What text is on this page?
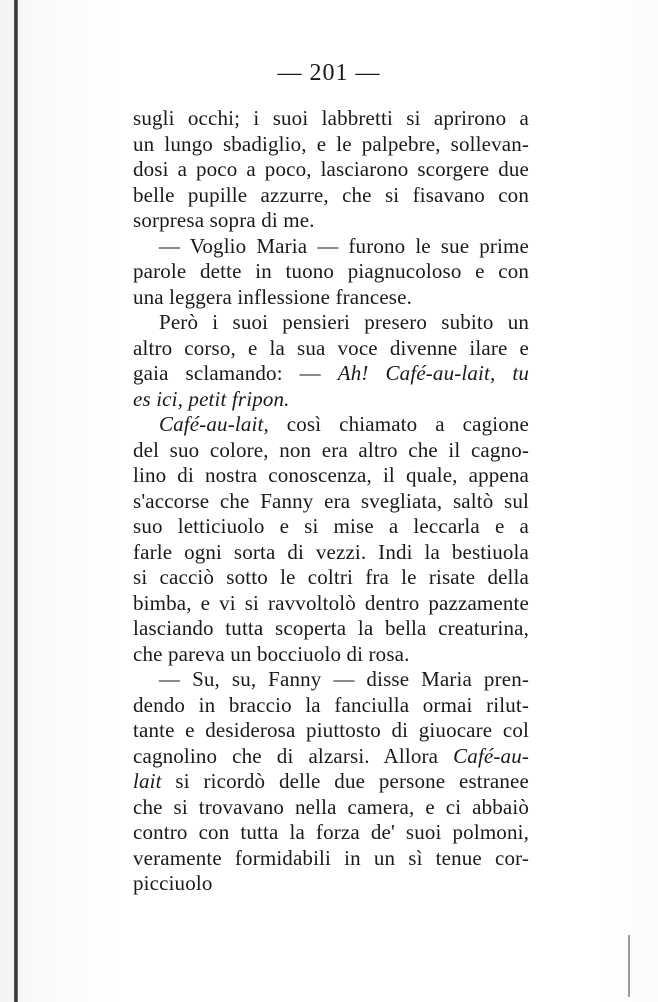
— 201 —
sugli occhi; i suoi labbretti si aprirono a
un lungo sbadiglio, e le palpebre, sollevan-
dosi a poco a poco, lasciarono scorgere due
belle pupille azzurre, che si fisavano con
sorpresa sopra di me.
— Voglio Maria — furono le sue prime
parole dette in tuono piagnucoloso e con
una leggera inflessione francese.
Però i suoi pensieri presero subito un
altro corso, e la sua voce divenne ilare e
gaia sclamando: — Ah! Café-au-lait, tu
es ici, petit fripon.
Café-au-lait, così chiamato a cagione
del suo colore, non era altro che il cagno-
lino di nostra conoscenza, il quale, appena
s'accorse che Fanny era svegliata, saltò sul
suo letticiuolo e si mise a leccarla e a
farle ogni sorta di vezzi. Indi la bestiuola
si cacciò sotto le coltri fra le risate della
bimba, e vi si ravvoltolò dentro pazzamente
lasciando tutta scoperta la bella creaturina,
che pareva un bocciuolo di rosa.
— Su, su, Fanny — disse Maria pren-
dendo in braccio la fanciulla ormai rilut-
tante e desiderosa piuttosto di giuocare col
cagnolino che di alzarsi. Allora Café-au-
lait si ricordò delle due persone estranee
che si trovavano nella camera, e ci abbaiò
contro con tutta la forza de' suoi polmoni,
veramente formidabili in un sì tenue cor-
picciuolo
